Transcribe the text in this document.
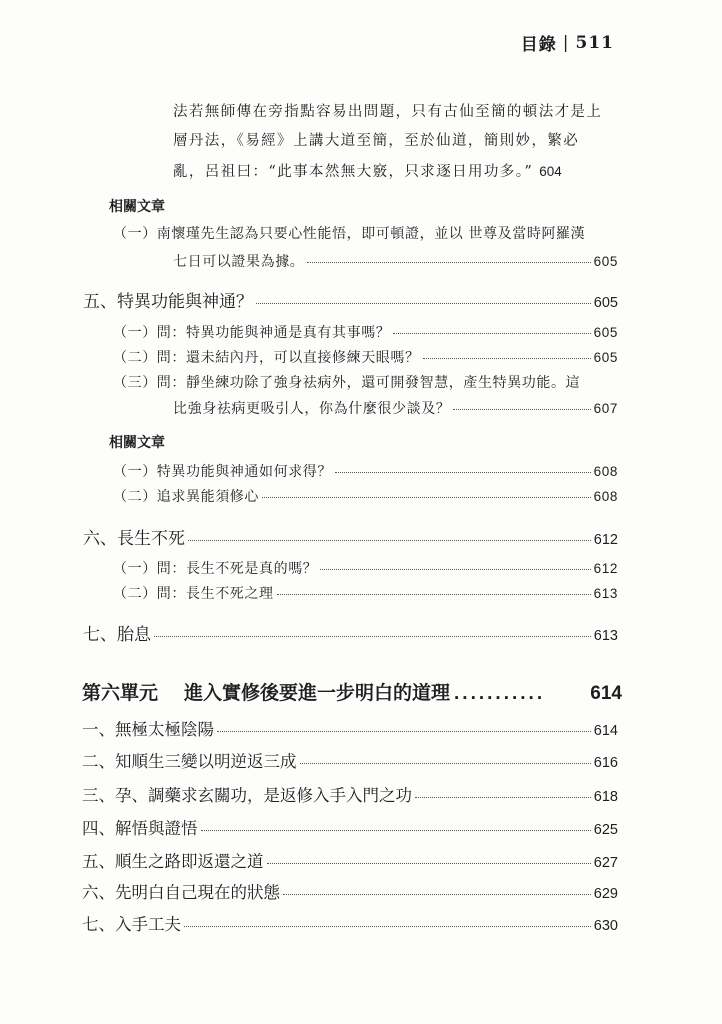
目錄 | 511
法若無師傳在旁指點容易出問題，只有古仙至簡的頓法才是上
層丹法，《易經》上講大道至簡，至於仙道，簡則妙，繁必
亂，呂祖曰：“此事本然無大竅，只求逐日用功多。” 604
相關文章
（一）南懷瑾先生認為只要心性能悟，即可頓證，並以 世尊及當時阿羅漢
七日可以證果為據。	605
五、特異功能與神通？	605
（一）問：特異功能與神通是真有其事嗎？	605
（二）問：還未結內丹，可以直接修練天眼嗎？	605
（三）問：靜坐練功除了強身祛病外，還可開發智慧，產生特異功能。這
比強身祛病更吸引人，你為什麼很少談及？	607
相關文章
（一）特異功能與神通如何求得？	608
（二）追求異能須修心	608
六、長生不死	612
（一）問：長生不死是真的嗎？	612
（二）問：長生不死之理	613
七、胎息	613
第六單元 進入實修後要進一步明白的道理 ...........	614
一、無極太極陰陽	614
二、知順生三變以明逆返三成	616
三、孕、調藥求玄關功，是返修入手入門之功	618
四、解悟與證悟	625
五、順生之路即返還之道	627
六、先明白自己現在的狀態	629
七、入手工夫	630
